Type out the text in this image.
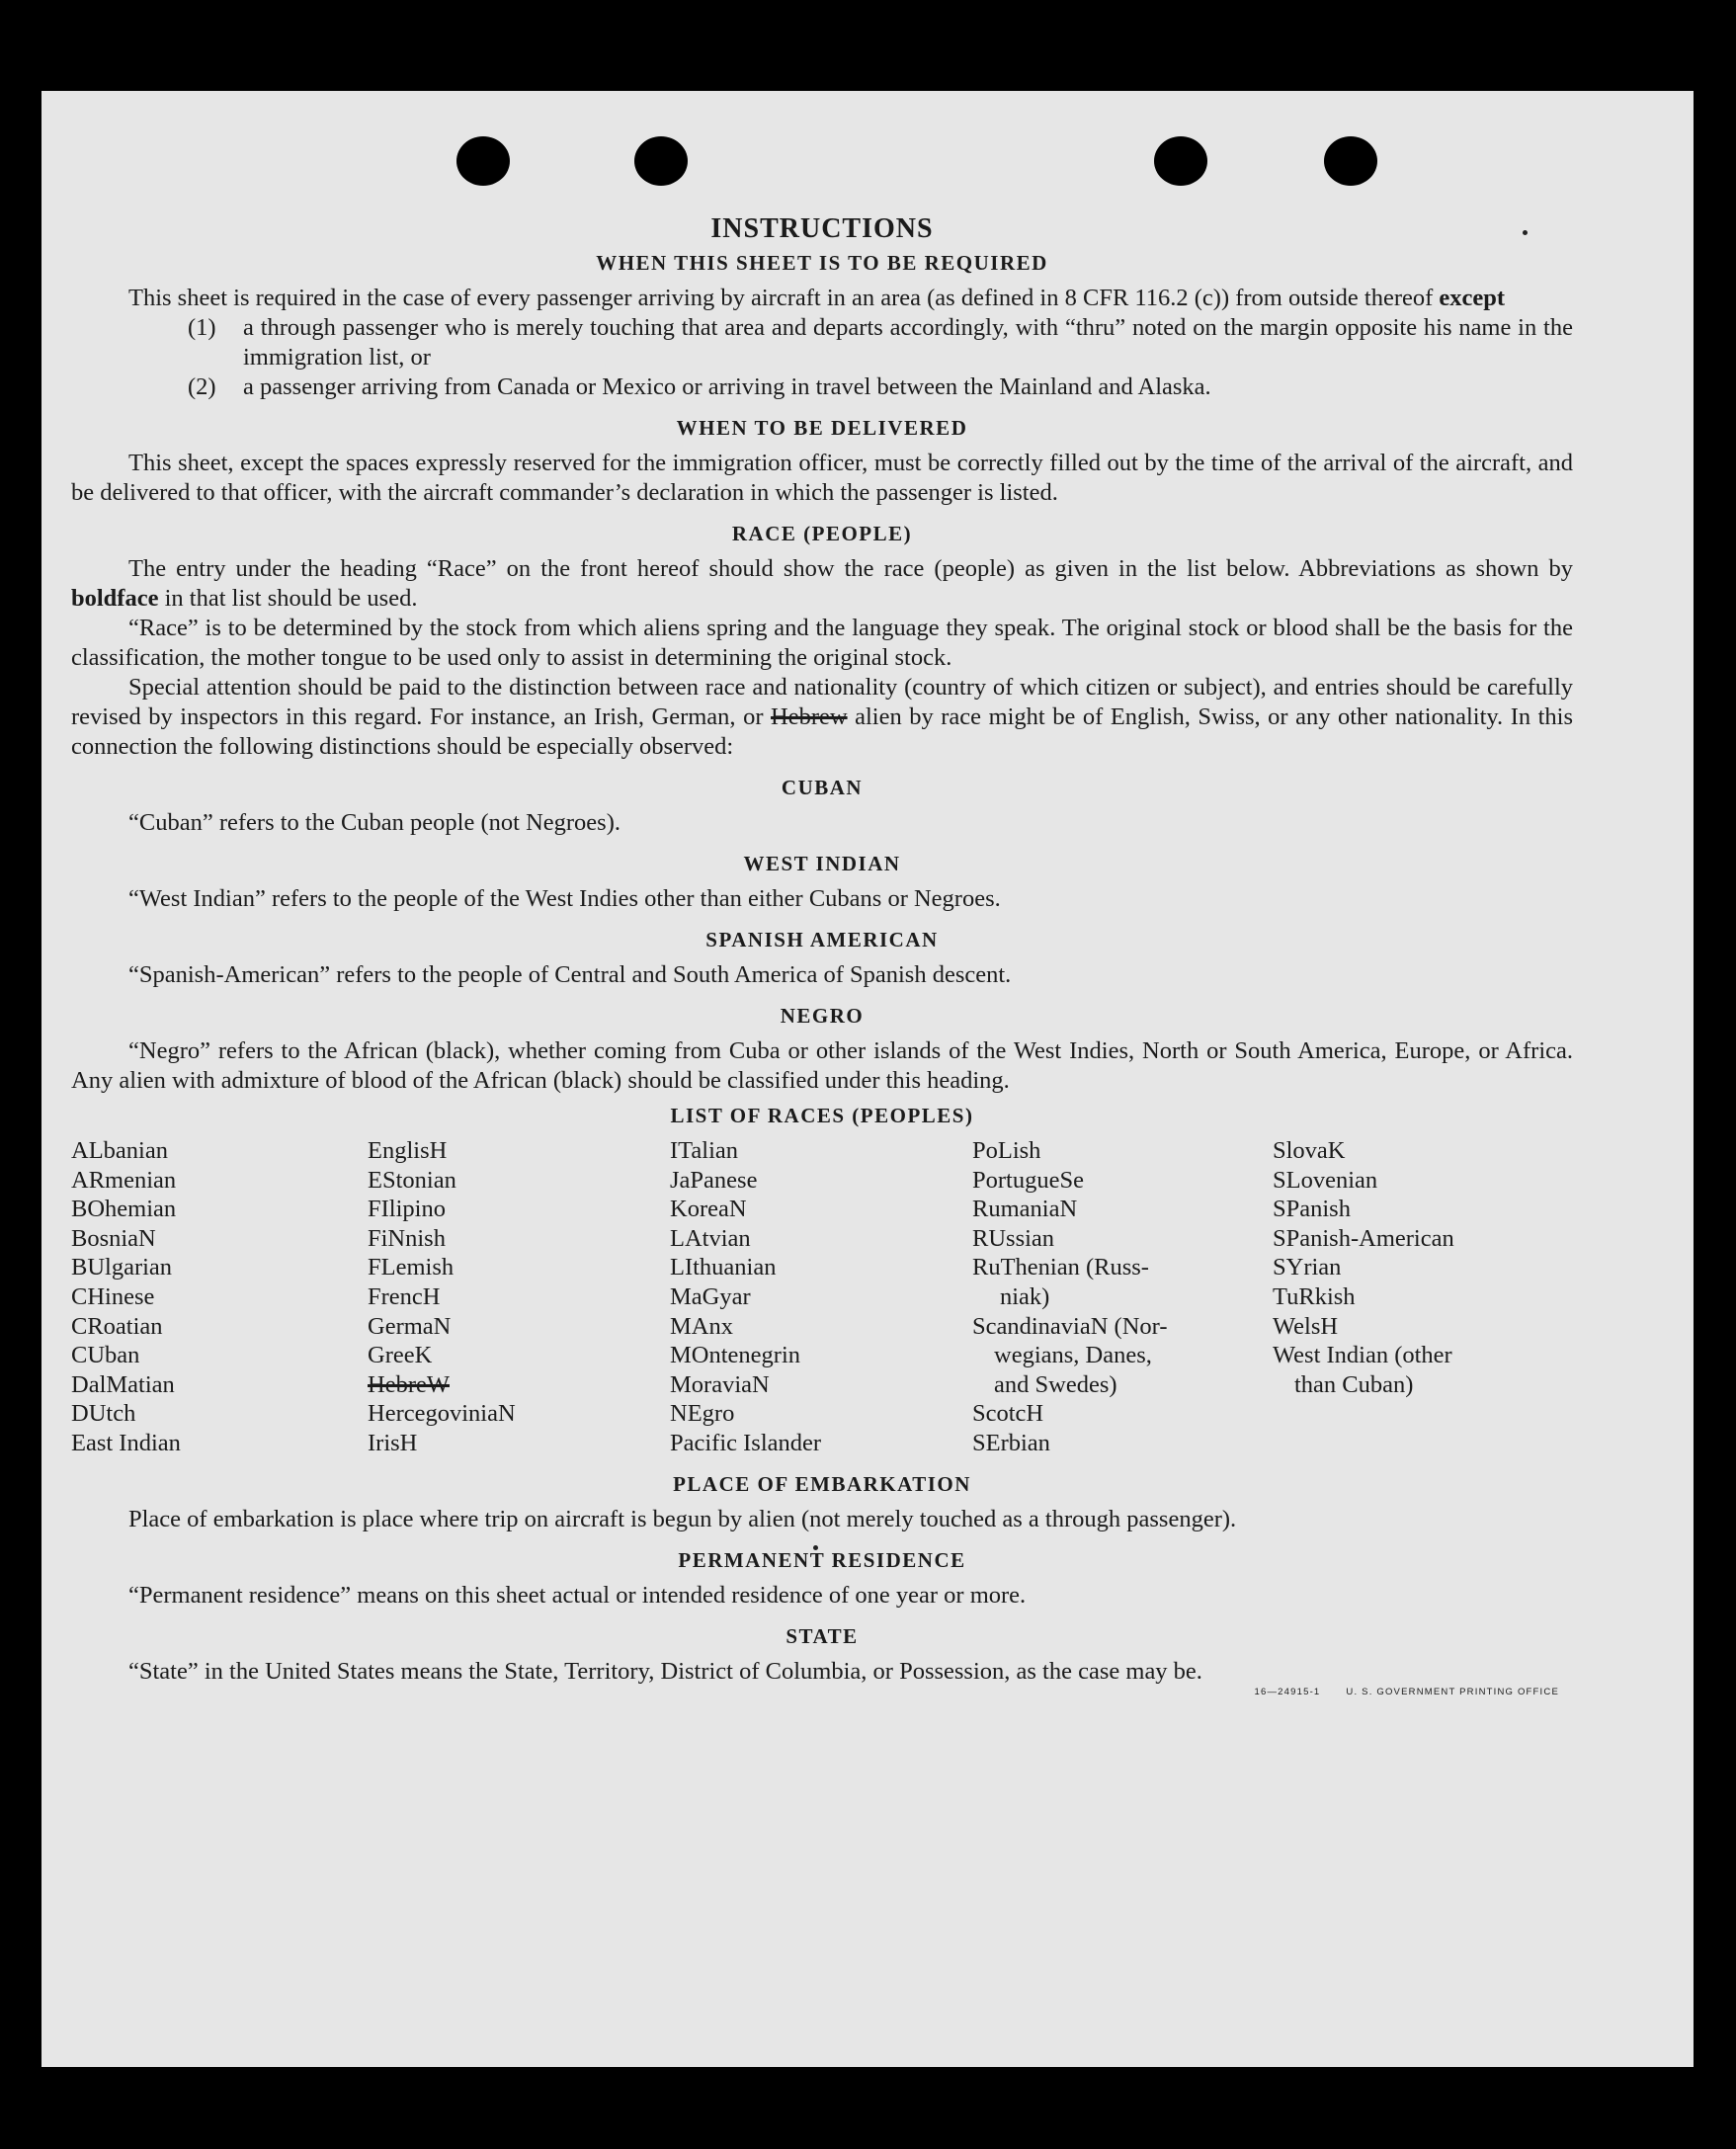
INSTRUCTIONS
WHEN THIS SHEET IS TO BE REQUIRED

This sheet is required in the case of every passenger arriving by aircraft in an area (as defined in 8 CFR 116.2 (c)) from outside thereof except

(1)	a through passenger who is merely touching that area and departs accordingly, with “thru” noted on the margin opposite his name in the immigration list, or
(2)	a passenger arriving from Canada or Mexico or arriving in travel between the Mainland and Alaska.
WHEN TO BE DELIVERED

This sheet, except the spaces expressly reserved for the immigration officer, must be correctly filled out by the time of the arrival of the aircraft, and be delivered to that officer, with the aircraft commander’s declaration in which the passenger is listed.

RACE (PEOPLE)

The entry under the heading “Race” on the front hereof should show the race (people) as given in the list below. Abbreviations as shown by boldface in that list should be used.

“Race” is to be determined by the stock from which aliens spring and the language they speak. The original stock or blood shall be the basis for the classification, the mother tongue to be used only to assist in determining the original stock.

Special attention should be paid to the distinction between race and nationality (country of which citizen or subject), and entries should be carefully revised by inspectors in this regard. For instance, an Irish, German, or Hebrew alien by race might be of English, Swiss, or any other nationality. In this connection the following distinctions should be especially observed:

CUBAN

“Cuban” refers to the Cuban people (not Negroes).

WEST INDIAN

“West Indian” refers to the people of the West Indies other than either Cubans or Negroes.

SPANISH AMERICAN

“Spanish-American” refers to the people of Central and South America of Spanish descent.

NEGRO

“Negro” refers to the African (black), whether coming from Cuba or other islands of the West Indies, North or South America, Europe, or Africa. Any alien with admixture of blood of the African (black) should be classified under this heading.

LIST OF RACES (PEOPLES)
ALbanian
ARmenian
BOhemian
BosniaN
BUlgarian
CHinese
CRoatian
CUban
DalMatian
DUtch
East Indian
EnglisH
EStonian
FIlipino
FiNnish
FLemish
FrencH
GermaN
GreeK
HebreW
HercegoviniaN
IrisH
ITalian
JaPanese
KoreaN
LAtvian
LIthuanian
MaGyar
MAnx
MOntenegrin
MoraviaN
NEgro
Pacific Islander
PoLish
PortugueSe
RumaniaN
RUssian
RuThenian (Russ-
niak)
ScandinaviaN (Nor-
wegians, Danes,
and Swedes)
ScotcH
SErbian
SlovaK
SLovenian
SPanish
SPanish-American
SYrian
TuRkish
WelsH
West Indian (other
than Cuban)
PLACE OF EMBARKATION

Place of embarkation is place where trip on aircraft is begun by alien (not merely touched as a through passenger).

PERMANENT RESIDENCE

“Permanent residence” means on this sheet actual or intended residence of one year or more.

STATE

“State” in the United States means the State, Territory, District of Columbia, or Possession, as the case may be.

16—24915-1	U. S. GOVERNMENT PRINTING OFFICE
